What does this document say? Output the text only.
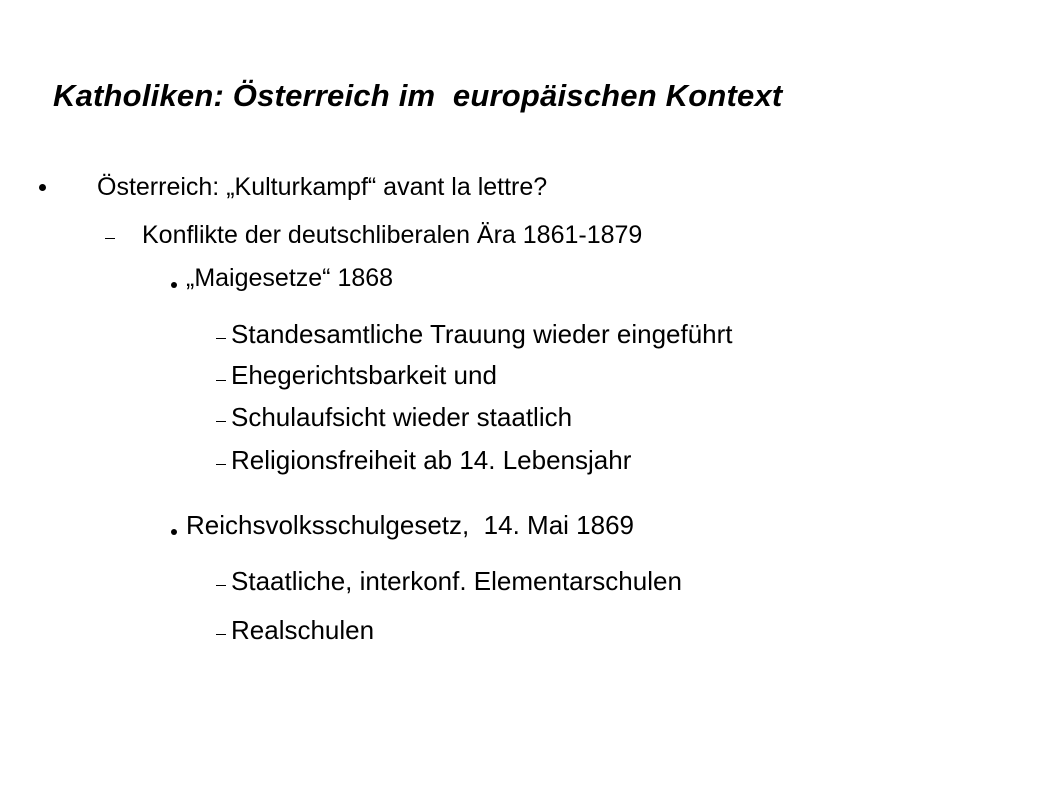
Katholiken: Österreich im  europäischen Kontext
Österreich: „Kulturkampf“ avant la lettre?
Konflikte der deutschliberalen Ära 1861-1879
„Maigesetze“ 1868
Standesamtliche Trauung wieder eingeführt
Ehegerichtsbarkeit und
Schulaufsicht wieder staatlich
Religionsfreiheit ab 14. Lebensjahr
Reichsvolksschulgesetz,  14. Mai 1869
Staatliche, interkonf. Elementarschulen
Realschulen
